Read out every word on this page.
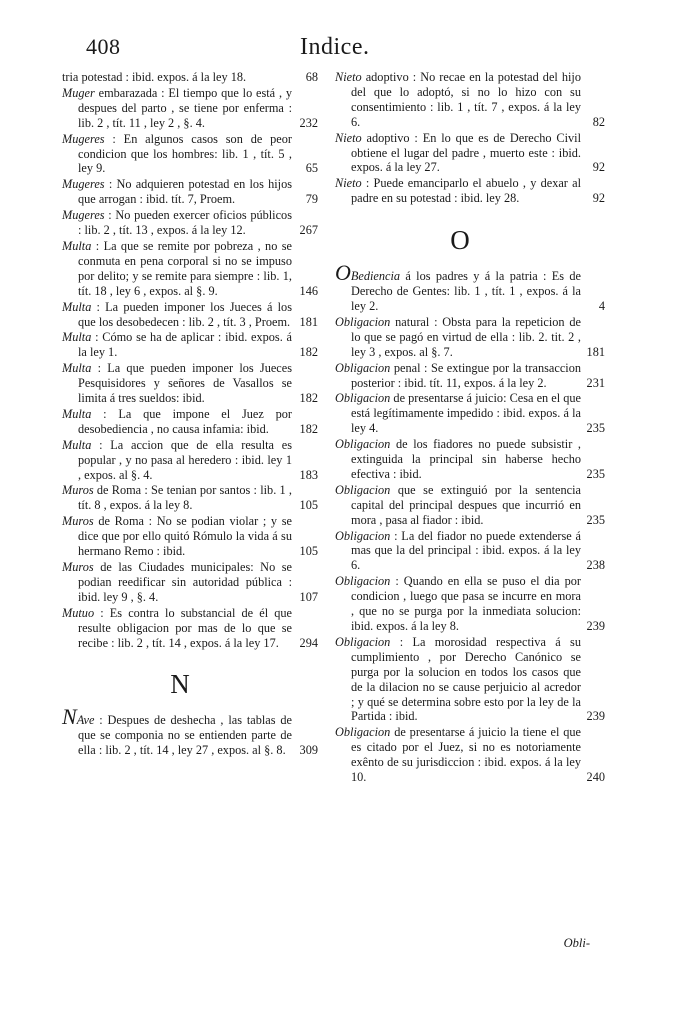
408	Indice.

tria potestad : ibid. expos. á la ley 18.	68

Muger embarazada : El tiempo que lo está , y despues del parto , se tiene por enferma : lib. 2 , tít. 11 , ley 2 , §. 4.	232

Mugeres : En algunos casos son de peor condicion que los hombres: lib. 1 , tít. 5 , ley 9.	65

Mugeres : No adquieren potestad en los hijos que arrogan : ibid. tít. 7, Proem.	79

Mugeres : No pueden exercer oficios públicos : lib. 2 , tít. 13 , expos. á la ley 12.	267

Multa : La que se remite por pobreza , no se conmuta en pena corporal si no se impuso por delito; y se remite para siempre : lib. 1, tít. 18 , ley 6 , expos. al §. 9.	146

Multa : La pueden imponer los Jueces á los que los desobedecen : lib. 2 , tít. 3 , Proem. 181

Multa : Cómo se ha de aplicar : ibid. expos. á la ley 1.	182

Multa : La que pueden imponer los Jueces Pesquisidores y señores de Vasallos se limita á tres sueldos: ibid.	182

Multa : La que impone el Juez por desobediencia , no causa infamia: ibid. 182

Multa : La accion que de ella resulta es popular , y no pasa al heredero : ibid. ley 1 , expos. al §. 4.	183

Muros de Roma : Se tenian por santos : lib. 1 , tít. 8 , expos. á la ley 8.	105

Muros de Roma : No se podian violar ; y se dice que por ello quitó Rómulo la vida á su hermano Remo : ibid.	105

Muros de las Ciudades municipales: No se podian reedificar sin autoridad pública : ibid. ley 9 , §. 4.	107

Mutuo : Es contra lo substancial de él que resulte obligacion por mas de lo que se recibe : lib. 2 , tít. 14 , expos. á la ley 17. 294

N

NAve : Despues de deshecha , las tablas de que se componia no se entienden parte de ella : lib. 2 , tít. 14 , ley 27 , expos. al §. 8. 309

Nieto adoptivo : No recae en la potestad del hijo del que lo adoptó, si no lo hizo con su consentimiento : lib. 1 , tít. 7 , expos. á la ley 6.	82

Nieto adoptivo : En lo que es de Derecho Civil obtiene el lugar del padre , muerto este : ibid. expos. á la ley 27.	92

Nieto : Puede emanciparlo el abuelo , y dexar al padre en su potestad : ibid. ley 28.	92

O

OBediencia á los padres y á la patria : Es de Derecho de Gentes: lib. 1 , tít. 1 , expos. á la ley 2.	4

Obligacion natural : Obsta para la repeticion de lo que se pagó en virtud de ella : lib. 2. tit. 2 , ley 3 , expos. al §. 7.	181

Obligacion penal : Se extingue por la transaccion posterior : ibid. tít. 11, expos. á la ley 2.	231

Obligacion de presentarse á juicio: Cesa en el que está legítimamente impedido : ibid. expos. á la ley 4.	235

Obligacion de los fiadores no puede subsistir , extinguida la principal sin haberse hecho efectiva : ibid.	235

Obligacion que se extinguió por la sentencia capital del principal despues que incurrió en mora , pasa al fiador : ibid.	235

Obligacion : La del fiador no puede extenderse á mas que la del principal : ibid. expos. á la ley 6.	238

Obligacion : Quando en ella se puso el dia por condicion , luego que pasa se incurre en mora , que no se purga por la inmediata solucion: ibid. expos. á la ley 8.	239

Obligacion : La morosidad respectiva á su cumplimiento , por Derecho Canónico se purga por la solucion en todos los casos que de la dilacion no se cause perjuicio al acredor ; y qué se determina sobre esto por la ley de la Partida : ibid.	239

Obligacion de presentarse á juicio la tiene el que es citado por el Juez, si no es notoriamente exênto de su jurisdiccion : ibid. expos. á la ley 10.	240

Obli-
